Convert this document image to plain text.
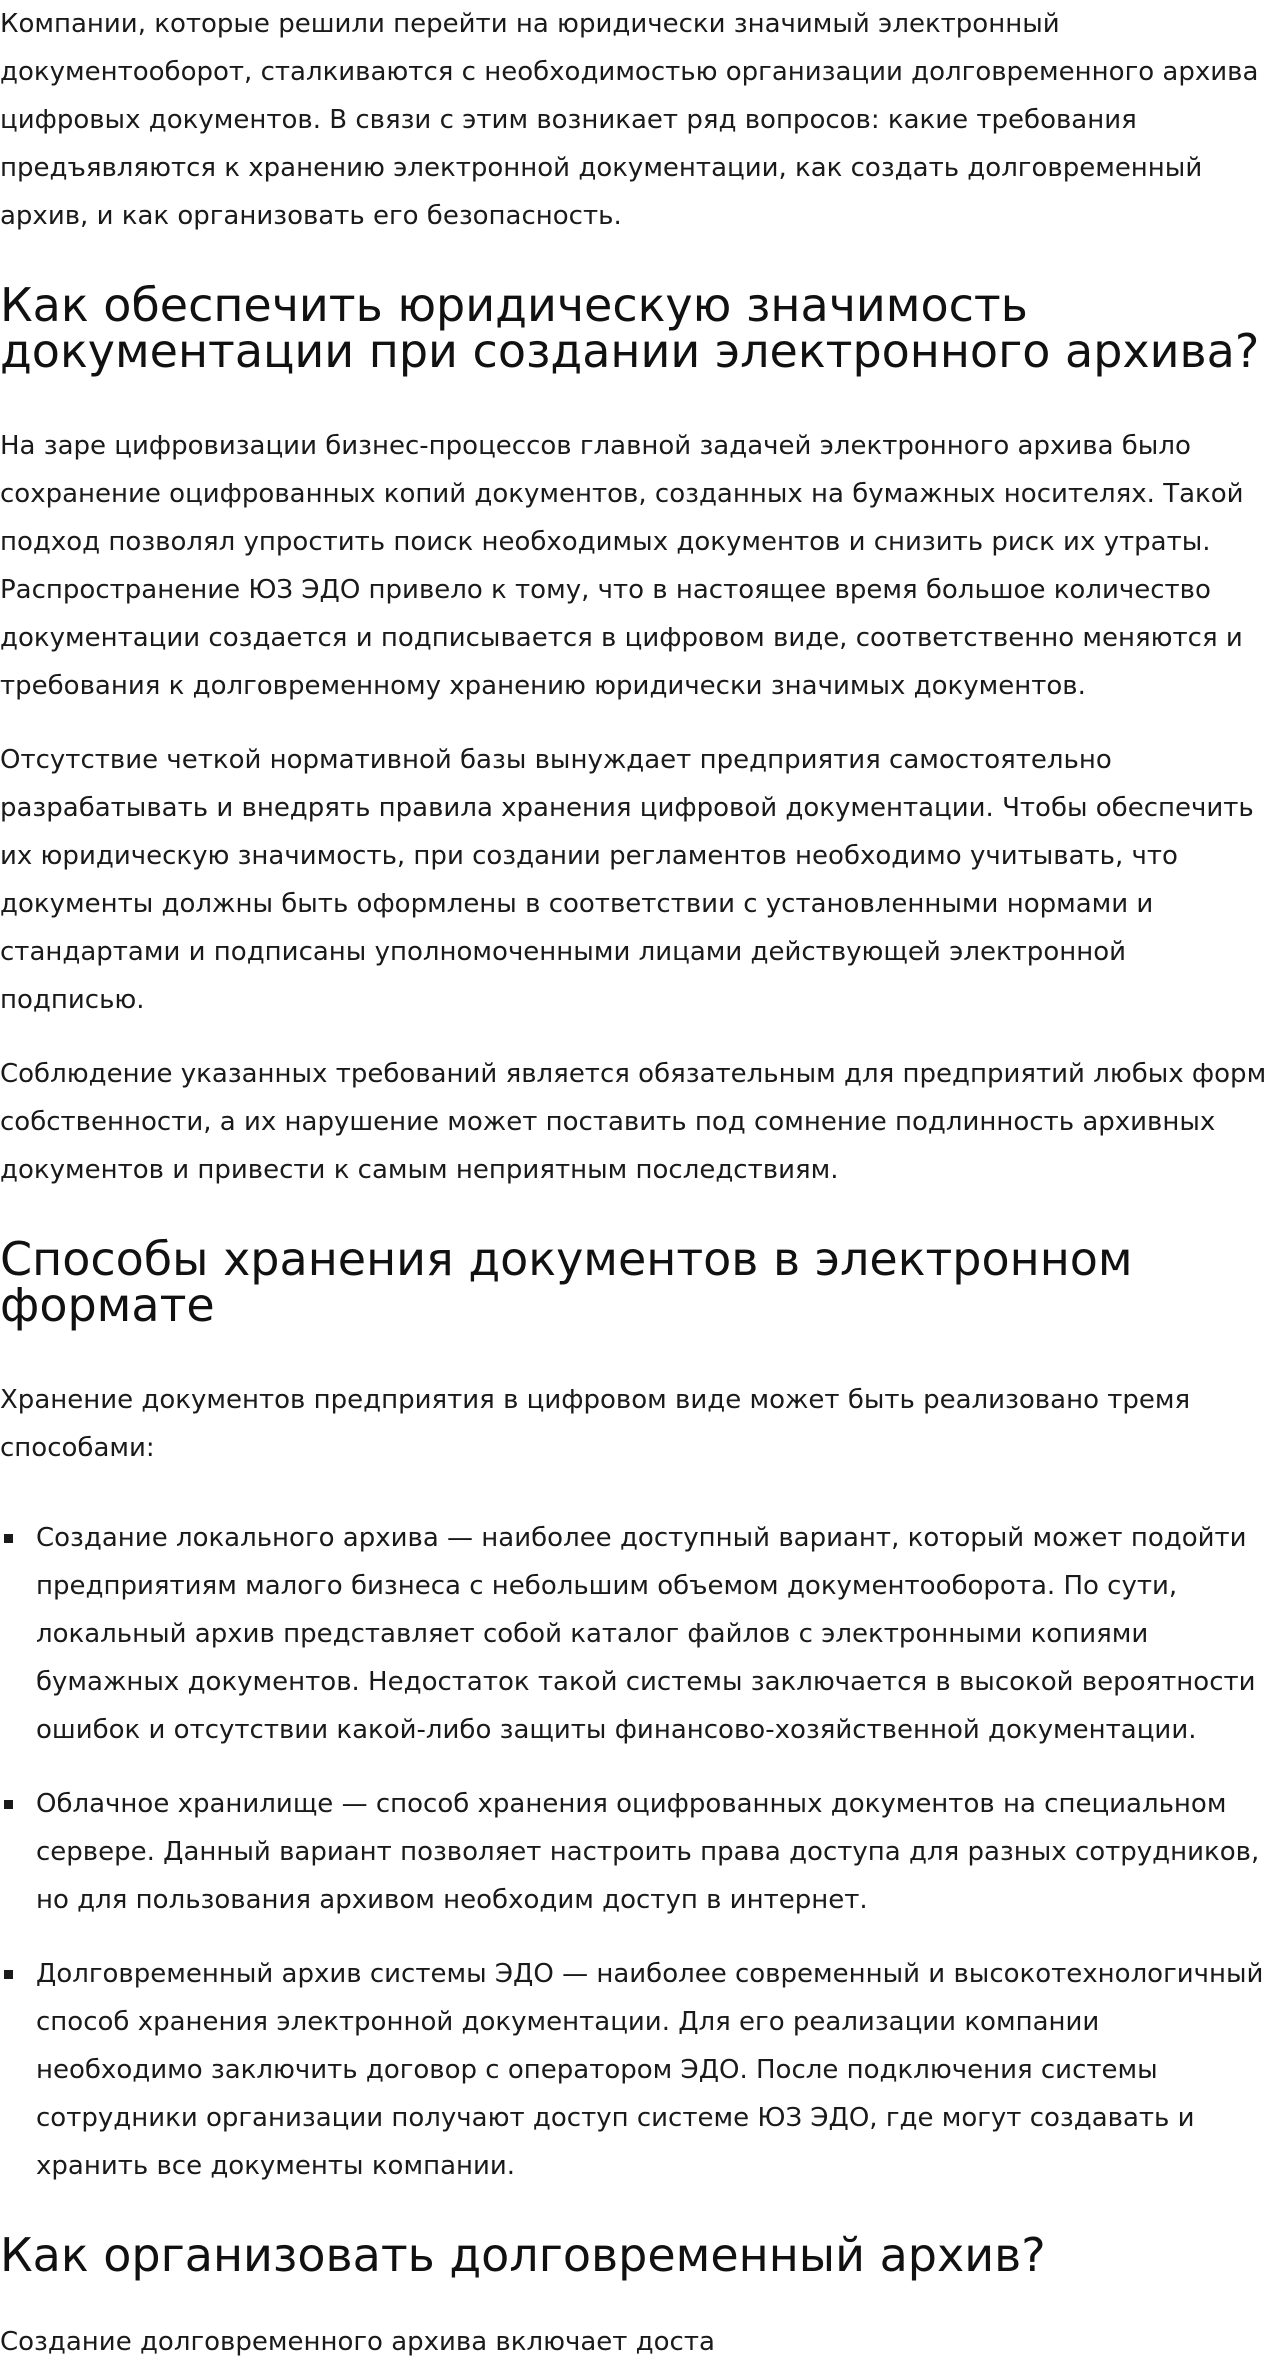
Компании, которые решили перейти на юридически значимый электронный документооборот, сталкиваются с необходимостью организации долговременного архива цифровых документов. В связи с этим возникает ряд вопросов: какие требования предъявляются к хранению электронной документации, как создать долговременный архив, и как организовать его безопасность.

Как обеспечить юридическую значимость документации при создании электронного архива?

На заре цифровизации бизнес-процессов главной задачей электронного архива было сохранение оцифрованных копий документов, созданных на бумажных носителях. Такой подход позволял упростить поиск необходимых документов и снизить риск их утраты. Распространение ЮЗ ЭДО привело к тому, что в настоящее время большое количество документации создается и подписывается в цифровом виде, соответственно меняются и требования к долговременному хранению юридически значимых документов.

Отсутствие четкой нормативной базы вынуждает предприятия самостоятельно разрабатывать и внедрять правила хранения цифровой документации. Чтобы обеспечить их юридическую значимость, при создании регламентов необходимо учитывать, что документы должны быть оформлены в соответствии с установленными нормами и стандартами и подписаны уполномоченными лицами действующей электронной подписью.

Соблюдение указанных требований является обязательным для предприятий любых форм собственности, а их нарушение может поставить под сомнение подлинность архивных документов и привести к самым неприятным последствиям.

Способы хранения документов в электронном формате

Хранение документов предприятия в цифровом виде может быть реализовано тремя способами:

Создание локального архива — наиболее доступный вариант, который может подойти предприятиям малого бизнеса с небольшим объемом документооборота. По сути, локальный архив представляет собой каталог файлов с электронными копиями бумажных документов. Недостаток такой системы заключается в высокой вероятности ошибок и отсутствии какой-либо защиты финансово-хозяйственной документации.
Облачное хранилище — способ хранения оцифрованных документов на специальном сервере. Данный вариант позволяет настроить права доступа для разных сотрудников, но для пользования архивом необходим доступ в интернет.
Долговременный архив системы ЭДО — наиболее современный и высокотехнологичный способ хранения электронной документации. Для его реализации компании необходимо заключить договор с оператором ЭДО. После подключения системы сотрудники организации получают доступ системе ЮЗ ЭДО, где могут создавать и хранить все документы компании.
Как организовать долговременный архив?

Создание долговременного архива включает доста
